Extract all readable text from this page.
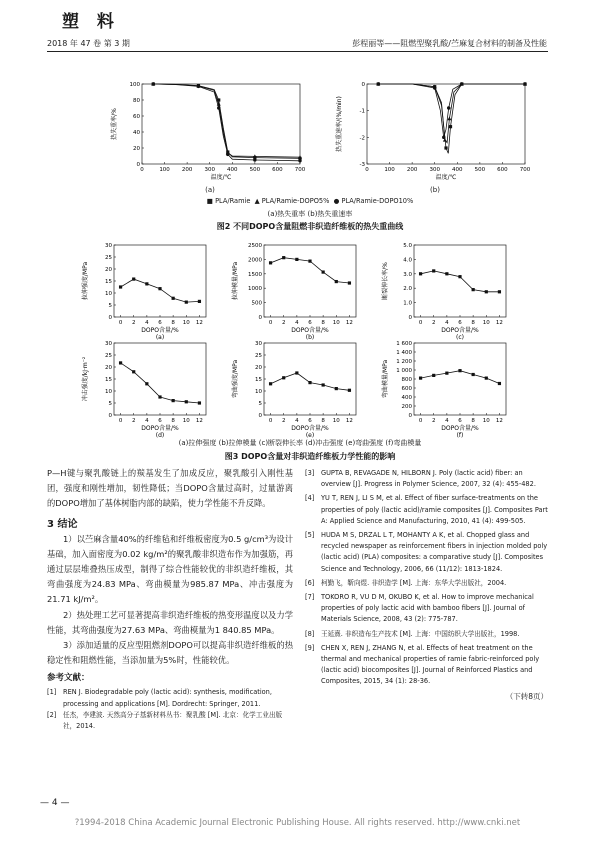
塑 料
2018 年 47 卷 第 3 期	彭程丽等——阻燃型聚乳酸/苎麻复合材料的制备及性能
0	100 200 300 400 500 600 700
0
20
40
60
80
100
温度/℃
热失重率/%
0	100 200 300 400 500 600 700
-3
-2
-1
0
温度/℃
热失重速率/(%/min)
(a)	(b)
■ PLA/Ramie ▲ PLA/Ramie-DOPO5% ● PLA/Ramie-DOPO10%
(a)热失重率 (b)热失重速率
图2 不同DOPO含量阻燃非织造纤维板的热失重曲线
0 2 4 6 8 10 12
0
5
10
15
20
25
30
DOPO含量/%
拉伸强度/MPa
(a)
0 2 4 6 8 10 12
0
500
1000
1500
2000
2500
DOPO含量/%
拉伸模量/MPa
(b)
0 2 4 6 8 10 12
0
1.0
2.0
3.0
4.0
5.0
DOPO含量/%
断裂伸长率/%
(c)
0 2 4 6 8 10 12
0
5
10
15
20
25
30
DOPO含量/%
冲击强度/kJ·m⁻²
(d)
0 2 4 6 8 10 12
0
5
10
15
20
25
30
DOPO含量/%
弯曲强度/MPa
(e)
0 2 4 6 8 10 12
0
200
400
600
800
1 000
1 200
1 400
1 600
DOPO含量/%
弯曲模量/MPa
(f)
(a)拉伸强度 (b)拉伸模量 (c)断裂伸长率 (d)冲击强度 (e)弯曲强度 (f)弯曲模量
图3 DOPO含量对非织造纤维板力学性能的影响
P—H键与聚乳酸链上的羰基发生了加成反应，聚乳酸引入刚性基团，强度和刚性增加，韧性降低；当DOPO含量过高时，过量游离的DOPO增加了基体树脂内部的缺陷，使力学性能不升反降。
3 结论
1）以苎麻含量40%的纤维毡和纤维板密度为0.5 g/cm³为设计基础，加入面密度为0.02 kg/m²的聚乳酸非织造布作为加强筋，再通过层层堆叠热压成型，制得了综合性能较优的非织造纤维板，其弯曲强度为24.83 MPa、弯曲模量为985.87 MPa、冲击强度为21.71 kJ/m²。
2）热处理工艺可显著提高非织造纤维板的热变形温度以及力学性能，其弯曲强度为27.63 MPa、弯曲模量为1 840.85 MPa。
3）添加适量的反应型阻燃剂DOPO可以提高非织造纤维板的热稳定性和阻燃性能，当添加量为5%时，性能较优。
参考文献：
[1] REN J. Biodegradable poly (lactic acid): synthesis, modification, processing and applications [M]. Dordrecht: Springer, 2011.
[2] 任杰，李建波. 天然高分子基新材料丛书：聚乳酸 [M]. 北京：化学工业出版社，2014.
[3] GUPTA B, REVAGADE N, HILBORN J. Poly (lactic acid) fiber: an overview [J]. Progress in Polymer Science, 2007, 32 (4): 455-482.
[4] YU T, REN J, LI S M, et al. Effect of fiber surface-treatments on the properties of poly (lactic acid)/ramie composites [J]. Composites Part A: Applied Science and Manufacturing, 2010, 41 (4): 499-505.
[5] HUDA M S, DRZAL L T, MOHANTY A K, et al. Chopped glass and recycled newspaper as reinforcement fibers in injection molded poly (lactic acid) (PLA) composites: a comparative study [J]. Composites Science and Technology, 2006, 66 (11/12): 1813-1824.
[6] 柯勤飞，靳向煜. 非织造学 [M]. 上海：东华大学出版社，2004.
[7] TOKORO R, VU D M, OKUBO K, et al. How to improve mechanical properties of poly lactic acid with bamboo fibers [J]. Journal of Materials Science, 2008, 43 (2): 775-787.
[8] 王延熹. 非织造布生产技术 [M]. 上海：中国纺织大学出版社，1998.
[9] CHEN X, REN J, ZHANG N, et al. Effects of heat treatment on the thermal and mechanical properties of ramie fabric-reinforced poly (lactic acid) biocomposites [J]. Journal of Reinforced Plastics and Composites, 2015, 34 (1): 28-36.
（下转8页）
— 4 —
?1994-2018 China Academic Journal Electronic Publishing House. All rights reserved. http://www.cnki.net
